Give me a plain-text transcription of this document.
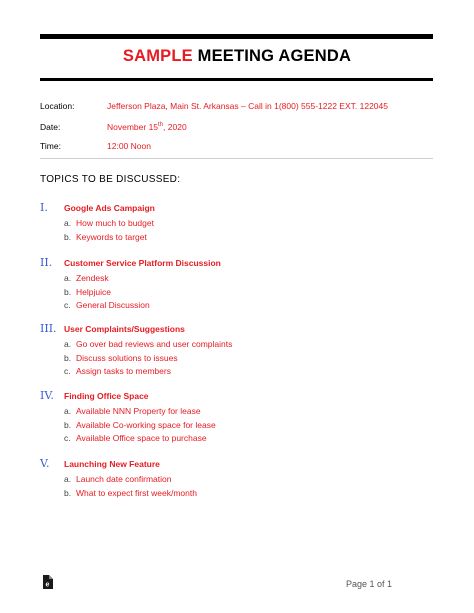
SAMPLE MEETING AGENDA
Location:	Jefferson Plaza, Main St. Arkansas – Call in 1(800) 555-1222 EXT. 122045
Date:	November 15th, 2020
Time:	12:00 Noon
TOPICS TO BE DISCUSSED:
I. Google Ads Campaign
a. How much to budget
b. Keywords to target
II. Customer Service Platform Discussion
a. Zendesk
b. Helpjuice
c. General Discussion
III. User Complaints/Suggestions
a. Go over bad reviews and user complaints
b. Discuss solutions to issues
c. Assign tasks to members
IV. Finding Office Space
a. Available NNN Property for lease
b. Available Co-working space for lease
c. Available Office space to purchase
V. Launching New Feature
a. Launch date confirmation
b. What to expect first week/month
e	Page 1 of 1
